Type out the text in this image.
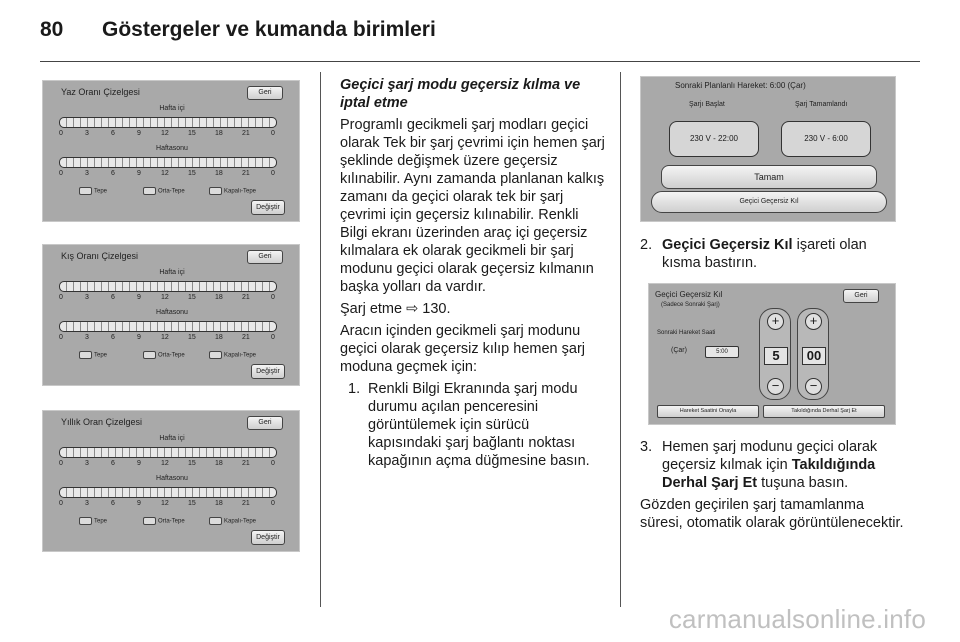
80 Göstergeler ve kumanda birimleri
Yaz Oranı Çizelgesi	Geri
Hafta içi
0	3	6	9	12	15	18	21	0
Haftasonu
0	3	6	9	12	15	18	21	0
Tepe	Orta-Tepe	Kapalı-Tepe
Değiştir
Kış Oranı Çizelgesi	Geri
Hafta içi
0	3	6	9	12	15	18	21	0
Haftasonu
0	3	6	9	12	15	18	21	0
Tepe	Orta-Tepe	Kapalı-Tepe
Değiştir
Yıllık Oran Çizelgesi	Geri
Hafta içi
0	3	6	9	12	15	18	21	0
Haftasonu
0	3	6	9	12	15	18	21	0
Tepe	Orta-Tepe	Kapalı-Tepe
Değiştir

Geçici şarj modu geçersiz kılma ve iptal etme

Programlı gecikmeli şarj modları geçici olarak Tek bir şarj çevrimi için hemen şarj şeklinde değişmek üzere geçersiz kılınabilir. Aynı zamanda planlanan kalkış zamanı da geçici olarak tek bir şarj çevrimi için geçersiz kılınabilir. Renkli Bilgi ekranı üzerinden araç içi geçersiz kılmalara ek olarak gecikmeli bir şarj modunu geçici olarak geçersiz kılmanın başka yolları da vardır.

Şarj etme ⇨ 130.

Aracın içinden gecikmeli şarj modunu geçici olarak geçersiz kılıp hemen şarj moduna geçmek için:

1. Renkli Bilgi Ekranında şarj modu durumu açılan penceresini görüntülemek için sürücü kapısındaki şarj bağlantı noktası kapağının açma düğmesine basın.
Sonraki Planlanlı Hareket: 6:00 (Çar)
Şarjı Başlat	Şarj Tamamlandı
230 V - 22:00	230 V - 6:00
Tamam
Geçici Geçersiz Kıl
2. Geçici Geçersiz Kıl işareti olan kısma bastırın.
Geçici Geçersiz Kıl
(Sadece Sonraki Şarj)
Geri
Sonraki Hareket Saati
(Çar)	5:00
+
5
−
+
00
−
Hareket Saatini Onayla	Takıldığında Derhal Şarj Et
3. Hemen şarj modunu geçici olarak geçersiz kılmak için Takıldığında Derhal Şarj Et tuşuna basın.
Gözden geçirilen şarj tamamlanma süresi, otomatik olarak görüntülenecektir.
carmanualsonline.info
